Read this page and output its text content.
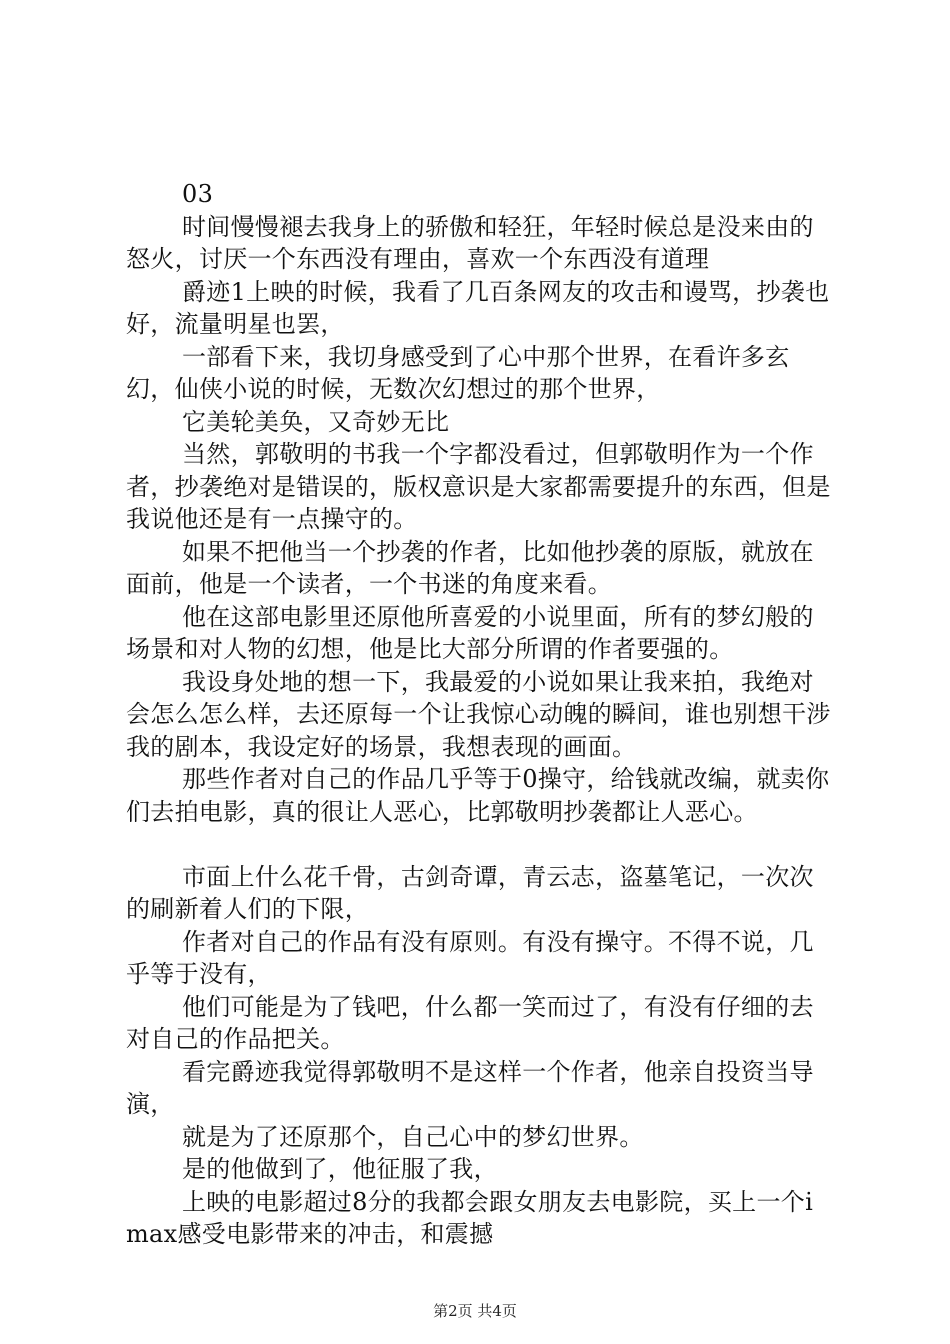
03

时间慢慢褪去我身上的骄傲和轻狂，年轻时候总是没来由的怒火，讨厌一个东西没有理由，喜欢一个东西没有道理

爵迹1上映的时候，我看了几百条网友的攻击和谩骂，抄袭也好，流量明星也罢，

一部看下来，我切身感受到了心中那个世界，在看许多玄幻，仙侠小说的时候，无数次幻想过的那个世界，

它美轮美奂，又奇妙无比

当然，郭敬明的书我一个字都没看过，但郭敬明作为一个作者，抄袭绝对是错误的，版权意识是大家都需要提升的东西，但是我说他还是有一点操守的。

如果不把他当一个抄袭的作者，比如他抄袭的原版，就放在面前，他是一个读者，一个书迷的角度来看。

他在这部电影里还原他所喜爱的小说里面，所有的梦幻般的场景和对人物的幻想，他是比大部分所谓的作者要强的。

我设身处地的想一下，我最爱的小说如果让我来拍，我绝对会怎么怎么样，去还原每一个让我惊心动魄的瞬间，谁也别想干涉我的剧本，我设定好的场景，我想表现的画面。

那些作者对自己的作品几乎等于0操守，给钱就改编，就卖你们去拍电影，真的很让人恶心，比郭敬明抄袭都让人恶心。

市面上什么花千骨，古剑奇谭，青云志，盗墓笔记，一次次的刷新着人们的下限，

作者对自己的作品有没有原则。有没有操守。不得不说，几乎等于没有，

他们可能是为了钱吧，什么都一笑而过了，有没有仔细的去对自己的作品把关。

看完爵迹我觉得郭敬明不是这样一个作者，他亲自投资当导演，

就是为了还原那个，自己心中的梦幻世界。

是的他做到了，他征服了我，

上映的电影超过8分的我都会跟女朋友去电影院，买上一个imax感受电影带来的冲击，和震撼

第2页 共4页
